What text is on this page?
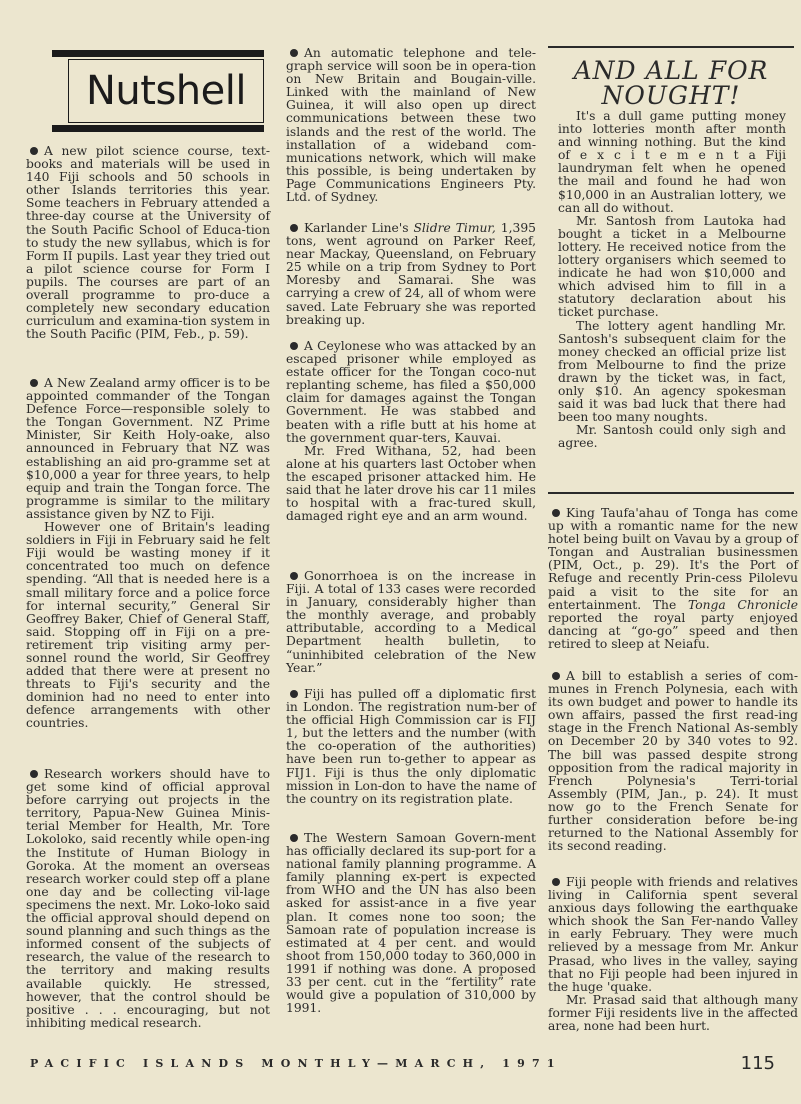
Nutshell

A new pilot science course, text-books and materials will be used in 140 Fiji schools and 50 schools in other Islands territories this year. Some teachers in February attended a three-day course at the University of the South Pacific School of Educa-tion to study the new syllabus, which is for Form II pupils. Last year they tried out a pilot science course for Form I pupils. The courses are part of an overall programme to pro-duce a completely new secondary education curriculum and examina-tion system in the South Pacific (PIM, Feb., p. 59).

A New Zealand army officer is to be appointed commander of the Tongan Defence Force—responsible solely to the Tongan Government. NZ Prime Minister, Sir Keith Holy-oake, also announced in February that NZ was establishing an aid pro-gramme set at $10,000 a year for three years, to help equip and train the Tongan force. The programme is similar to the military assistance given by NZ to Fiji.

However one of Britain's leading soldiers in Fiji in February said he felt Fiji would be wasting money if it concentrated too much on defence spending. “All that is needed here is a small military force and a police force for internal security,” General Sir Geoffrey Baker, Chief of General Staff, said. Stopping off in Fiji on a pre-retirement trip visiting army per-sonnel round the world, Sir Geoffrey added that there were at present no threats to Fiji's security and the dominion had no need to enter into defence arrangements with other countries.

Research workers should have to get some kind of official approval before carrying out projects in the territory, Papua-New Guinea Minis-terial Member for Health, Mr. Tore Lokoloko, said recently while open-ing the Institute of Human Biology in Goroka. At the moment an overseas research worker could step off a plane one day and be collecting vil-lage specimens the next. Mr. Loko-loko said the official approval should depend on sound planning and such things as the informed consent of the subjects of research, the value of the research to the territory and making results available quickly. He stressed, however, that the control should be positive . . . encouraging, but not inhibiting medical research.

An automatic telephone and tele-graph service will soon be in opera-tion on New Britain and Bougain-ville. Linked with the mainland of New Guinea, it will also open up direct communications between these two islands and the rest of the world. The installation of a wideband com-munications network, which will make this possible, is being undertaken by Page Communications Engineers Pty. Ltd. of Sydney.

Karlander Line's Slidre Timur, 1,395 tons, went aground on Parker Reef, near Mackay, Queensland, on February 25 while on a trip from Sydney to Port Moresby and Samarai. She was carrying a crew of 24, all of whom were saved. Late February she was reported breaking up.

A Ceylonese who was attacked by an escaped prisoner while employed as estate officer for the Tongan coco-nut replanting scheme, has filed a $50,000 claim for damages against the Tongan Government. He was stabbed and beaten with a rifle butt at his home at the government quar-ters, Kauvai.

Mr. Fred Withana, 52, had been alone at his quarters last October when the escaped prisoner attacked him. He said that he later drove his car 11 miles to hospital with a frac-tured skull, damaged right eye and an arm wound.

Gonorrhoea is on the increase in Fiji. A total of 133 cases were recorded in January, considerably higher than the monthly average, and probably attributable, according to a Medical Department health bulletin, to “uninhibited celebration of the New Year.”

Fiji has pulled off a diplomatic first in London. The registration num-ber of the official High Commission car is FIJ 1, but the letters and the number (with the co-operation of the authorities) have been run to-gether to appear as FIJ1. Fiji is thus the only diplomatic mission in Lon-don to have the name of the country on its registration plate.

The Western Samoan Govern-ment has officially declared its sup-port for a national family planning programme. A family planning ex-pert is expected from WHO and the UN has also been asked for assist-ance in a five year plan. It comes none too soon; the Samoan rate of population increase is estimated at 4 per cent. and would shoot from 150,000 today to 360,000 in 1991 if nothing was done. A proposed 33 per cent. cut in the “fertility” rate would give a population of 310,000 by 1991.

AND ALL FOR
NOUGHT!

It's a dull game putting money into lotteries month after month and winning nothing. But the kind of e x c i t e m e n t a Fiji laundryman felt when he opened the mail and found he had won $10,000 in an Australian lottery, we can all do without.

Mr. Santosh from Lautoka had bought a ticket in a Melbourne lottery. He received notice from the lottery organisers which seemed to indicate he had won $10,000 and which advised him to fill in a statutory declaration about his ticket purchase.

The lottery agent handling Mr. Santosh's subsequent claim for the money checked an official prize list from Melbourne to find the prize drawn by the ticket was, in fact, only $10. An agency spokesman said it was bad luck that there had been too many noughts.

Mr. Santosh could only sigh and agree.

King Taufa'ahau of Tonga has come up with a romantic name for the new hotel being built on Vavau by a group of Tongan and Australian businessmen (PIM, Oct., p. 29). It's the Port of Refuge and recently Prin-cess Pilolevu paid a visit to the site for an entertainment. The Tonga Chronicle reported the royal party enjoyed dancing at “go-go” speed and then retired to sleep at Neiafu.

A bill to establish a series of com-munes in French Polynesia, each with its own budget and power to handle its own affairs, passed the first read-ing stage in the French National As-sembly on December 20 by 340 votes to 92. The bill was passed despite strong opposition from the radical majority in French Polynesia's Terri-torial Assembly (PIM, Jan., p. 24). It must now go to the French Senate for further consideration before be-ing returned to the National Assembly for its second reading.

Fiji people with friends and relatives living in California spent several anxious days following the earthquake which shook the San Fer-nando Valley in early February. They were much relieved by a message from Mr. Ankur Prasad, who lives in the valley, saying that no Fiji people had been injured in the huge 'quake.

Mr. Prasad said that although many former Fiji residents live in the affected area, none had been hurt.

PACIFIC ISLANDS MONTHLY—MARCH, 1971	115
